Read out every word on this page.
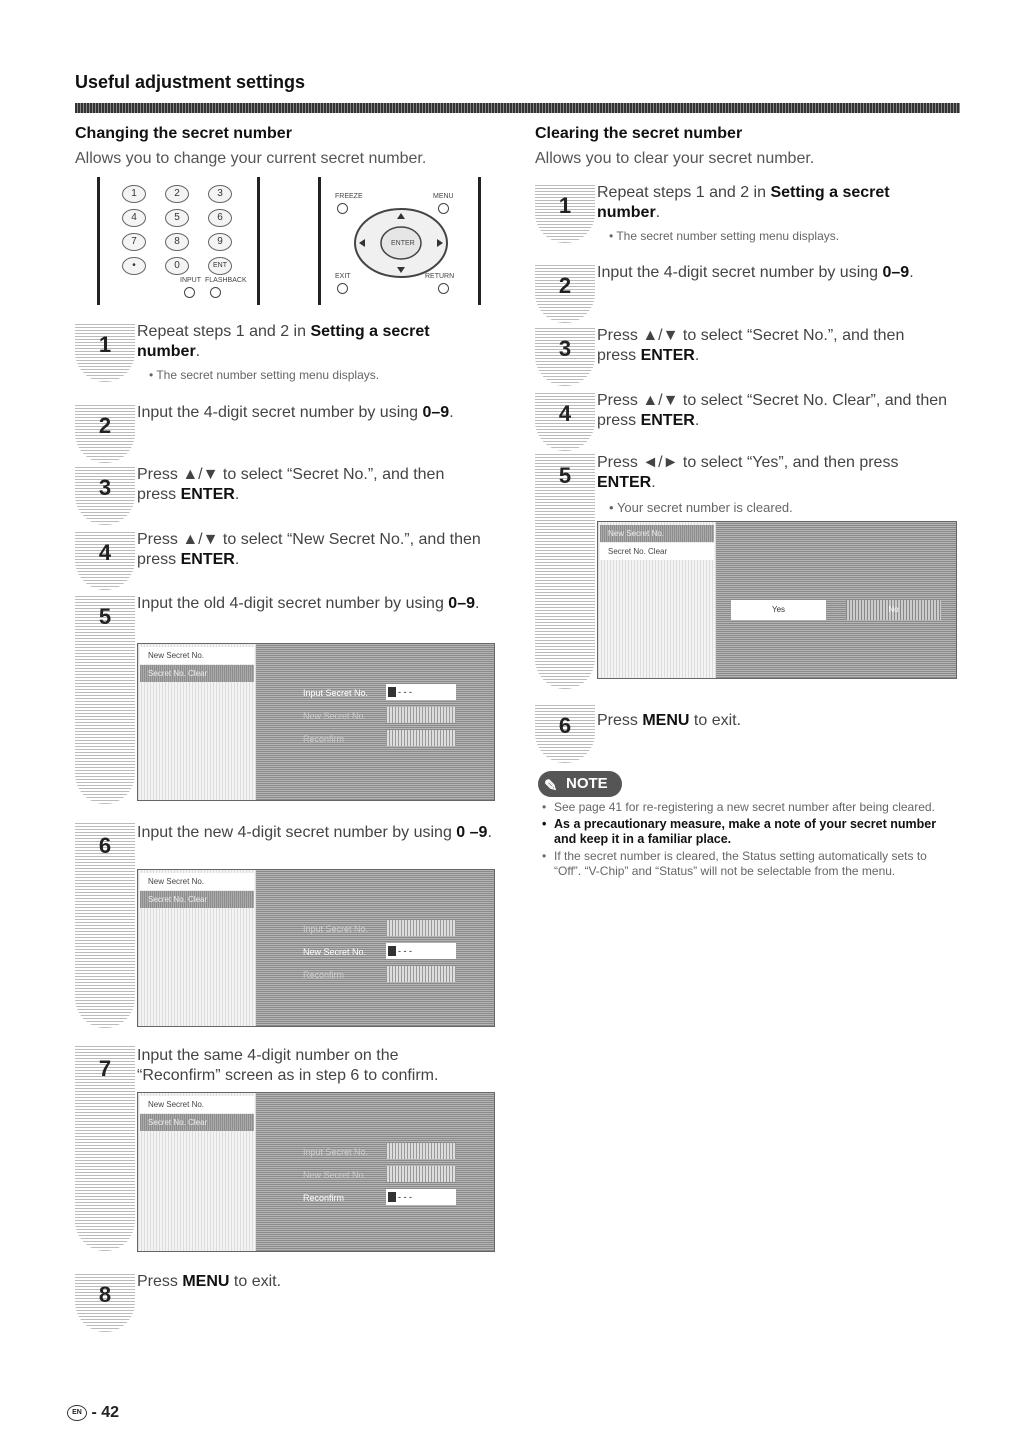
Useful adjustment settings
Changing the secret number
Allows you to change your current secret number.
1	2	3
4	5	6
7	8	9
•	0	ENT
INPUT FLASHBACK
FREEZE	MENU
ENTER
EXIT	RETURN
1
Repeat steps 1 and 2 in Setting a secret number.
• The secret number setting menu displays.
2
Input the 4-digit secret number by using 0–9.
3
Press ▲/▼ to select “Secret No.”, and then press ENTER.
4
Press ▲/▼ to select “New Secret No.”, and then press ENTER.
5
Input the old 4-digit secret number by using 0–9.
New Secret No.
Secret No. Clear
Input Secret No.	- - -
New Secret No.
Reconfirm
6
Input the new 4-digit secret number by using 0 –9.
New Secret No.
Secret No. Clear
Input Secret No.
New Secret No.	- - -
Reconfirm
7
Input the same 4-digit number on the “Reconfirm” screen as in step 6 to confirm.
New Secret No.
Secret No. Clear
Input Secret No.
New Secret No.
Reconfirm	- - -
8
Press MENU to exit.
Clearing the secret number
Allows you to clear your secret number.
1
Repeat steps 1 and 2 in Setting a secret number.
• The secret number setting menu displays.
2
Input the 4-digit secret number by using 0–9.
3
Press ▲/▼ to select “Secret No.”, and then press ENTER.
4
Press ▲/▼ to select “Secret No. Clear”, and then press ENTER.
5
Press ◄/► to select “Yes”, and then press ENTER.
• Your secret number is cleared.
New Secret No.
Secret No. Clear
Yes	No
6	Press MENU to exit.
✎ NOTE
• See page 41 for re-registering a new secret number after being cleared.
• As a precautionary measure, make a note of your secret number and keep it in a familiar place.
• If the secret number is cleared, the Status setting automatically sets to “Off”. “V-Chip” and “Status” will not be selectable from the menu.
EN - 42
